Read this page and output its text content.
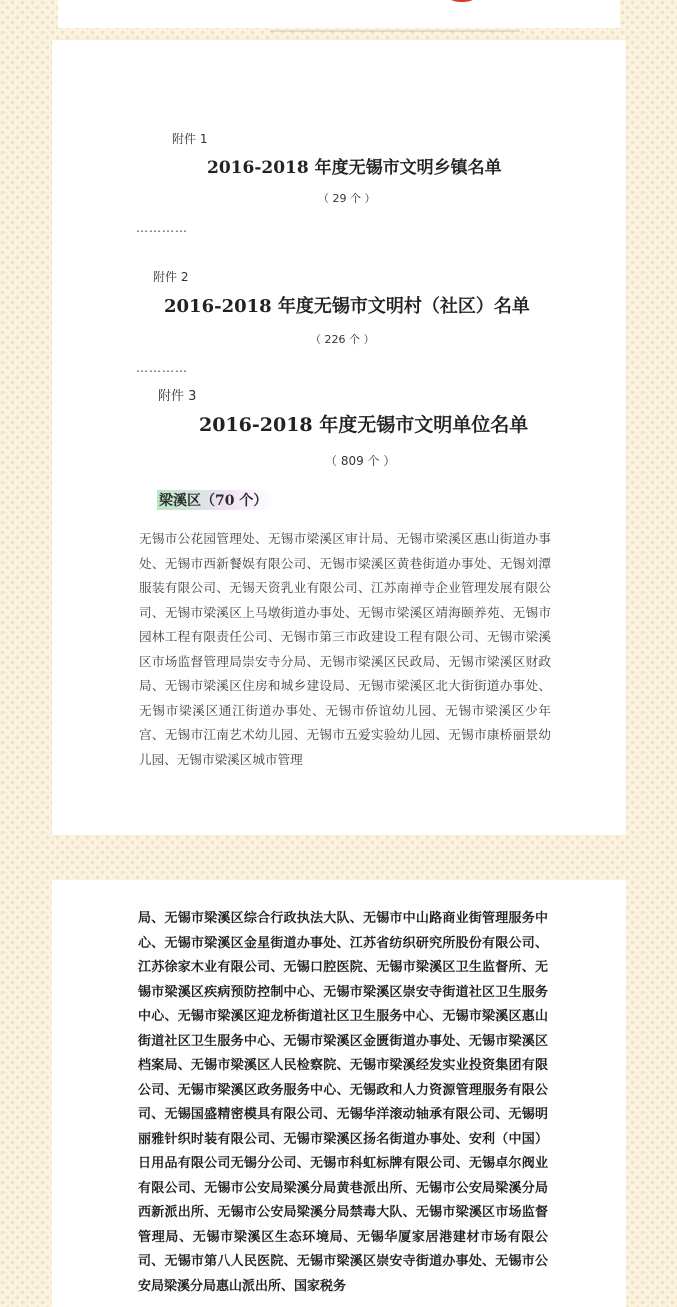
附件 1
2016-2018 年度无锡市文明乡镇名单
（ 29 个 ）
…………
附件 2
2016-2018 年度无锡市文明村（社区）名单
（ 226 个 ）
…………
附件 3
2016-2018 年度无锡市文明单位名单
（ 809 个 ）
梁溪区（70 个）
无锡市公花园管理处、无锡市梁溪区审计局、无锡市梁溪区惠山街道办事处、无锡市西新餐娱有限公司、无锡市梁溪区黄巷街道办事处、无锡刘潭服装有限公司、无锡天资乳业有限公司、江苏南禅寺企业管理发展有限公司、无锡市梁溪区上马墩街道办事处、无锡市梁溪区靖海颐养苑、无锡市园林工程有限责任公司、无锡市第三市政建设工程有限公司、无锡市梁溪区市场监督管理局崇安寺分局、无锡市梁溪区民政局、无锡市梁溪区财政局、无锡市梁溪区住房和城乡建设局、无锡市梁溪区北大街街道办事处、无锡市梁溪区通江街道办事处、无锡市侨谊幼儿园、无锡市梁溪区少年宫、无锡市江南艺术幼儿园、无锡市五爱实验幼儿园、无锡市康桥丽景幼儿园、无锡市梁溪区城市管理
局、无锡市梁溪区综合行政执法大队、无锡市中山路商业街管理服务中心、无锡市梁溪区金星街道办事处、江苏省纺织研究所股份有限公司、江苏徐家木业有限公司、无锡口腔医院、无锡市梁溪区卫生监督所、无锡市梁溪区疾病预防控制中心、无锡市梁溪区崇安寺街道社区卫生服务中心、无锡市梁溪区迎龙桥街道社区卫生服务中心、无锡市梁溪区惠山街道社区卫生服务中心、无锡市梁溪区金匮街道办事处、无锡市梁溪区档案局、无锡市梁溪区人民检察院、无锡市梁溪经发实业投资集团有限公司、无锡市梁溪区政务服务中心、无锡政和人力资源管理服务有限公司、无锡国盛精密模具有限公司、无锡华洋滚动轴承有限公司、无锡明丽雅针织时装有限公司、无锡市梁溪区扬名街道办事处、安利（中国）日用品有限公司无锡分公司、无锡市科虹标牌有限公司、无锡卓尔阀业有限公司、无锡市公安局梁溪分局黄巷派出所、无锡市公安局梁溪分局西新派出所、无锡市公安局梁溪分局禁毒大队、无锡市梁溪区市场监督管理局、无锡市梁溪区生态环境局、无锡华厦家居港建材市场有限公司、无锡市第八人民医院、无锡市梁溪区崇安寺街道办事处、无锡市公安局梁溪分局惠山派出所、国家税务
